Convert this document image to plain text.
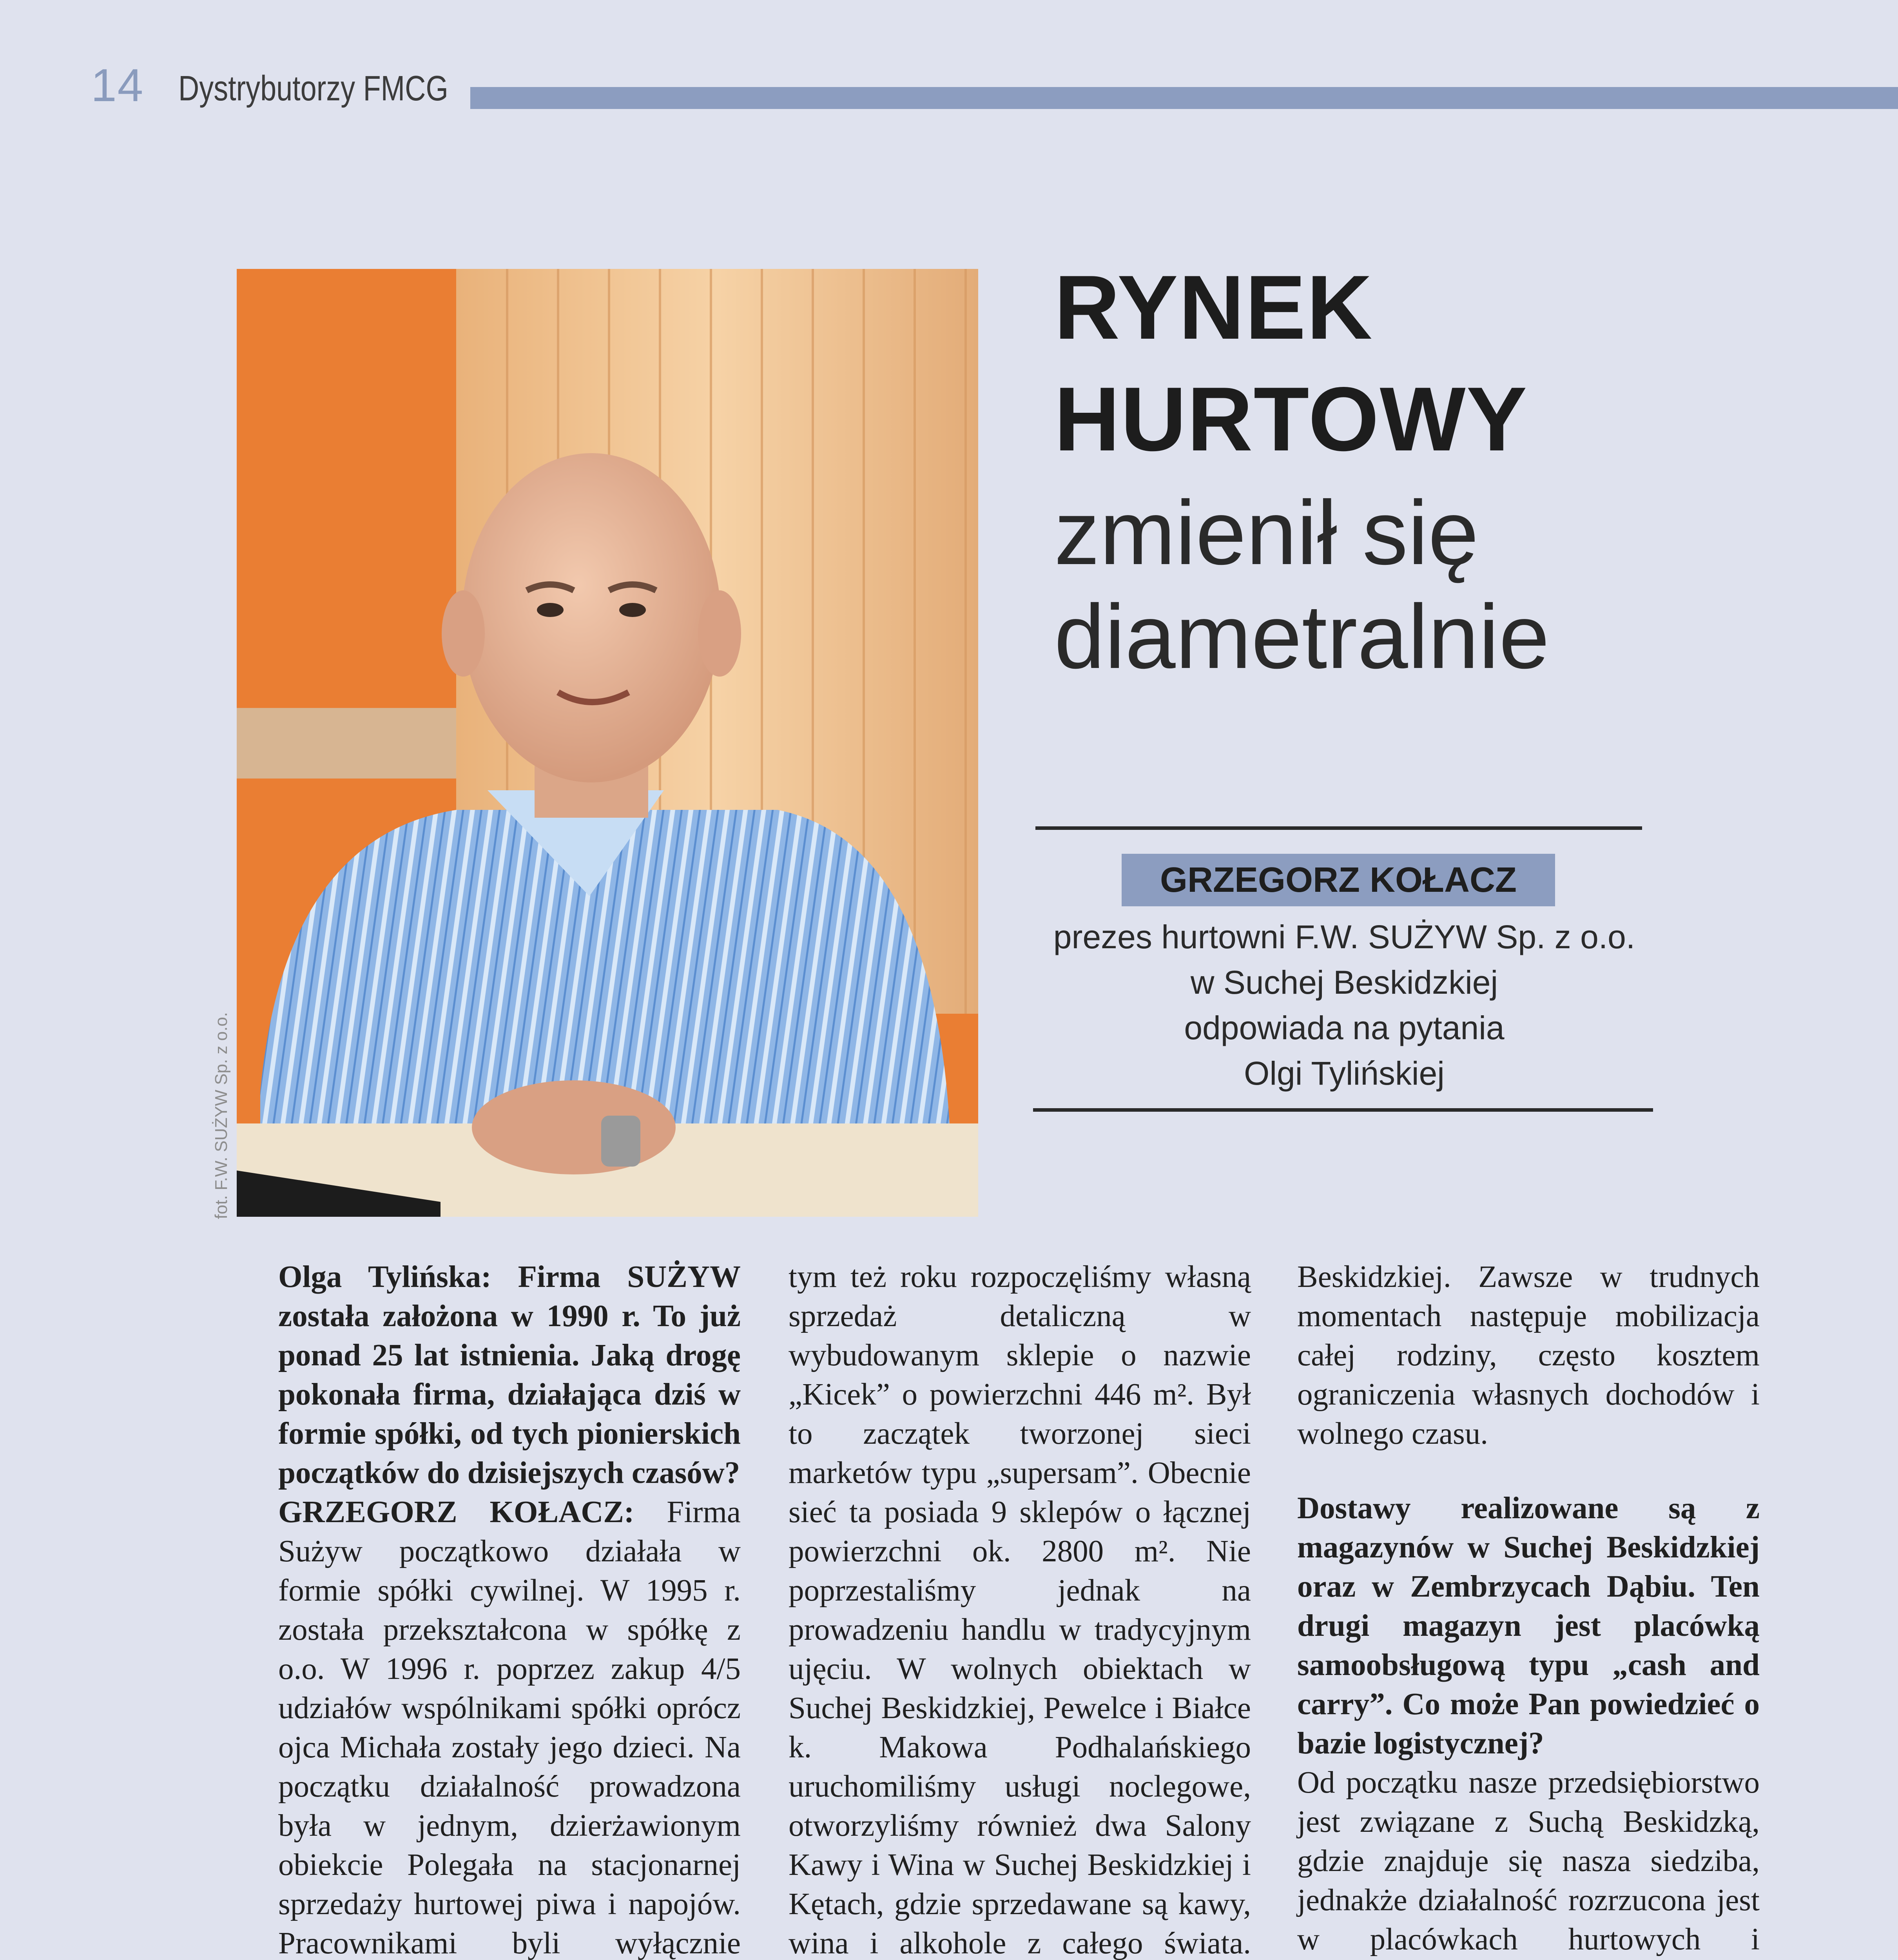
14 Dystrybutorzy FMCG
fot. F.W. SUŻYW Sp. z o.o.
RYNEK
HURTOWY
zmienił się
diametralnie
GRZEGORZ KOŁACZ
prezes hurtowni F.W. SUŻYW Sp. z o.o.
w Suchej Beskidzkiej
odpowiada na pytania
Olgi Tylińskiej

Olga Tylińska: Firma SUŻYW została założona w 1990 r. To już ponad 25 lat istnienia. Jaką drogę pokonała firma, działająca dziś w formie spółki, od tych pionierskich początków do dzisiejszych czasów?

GRZEGORZ KOŁACZ: Firma Sużyw początkowo działała w formie spółki cywilnej. W 1995 r. została przekształcona w spółkę z o.o. W 1996 r. poprzez zakup 4/5 udziałów wspólnikami spółki oprócz ojca Michała zostały jego dzieci. Na początku działalność prowadzona była w jednym, dzierżawionym obiekcie Polegała na stacjonarnej sprzedaży hurtowej piwa i napojów. Pracownikami byli wyłącznie

tym też roku rozpoczęliśmy własną sprzedaż detaliczną w wybudowanym sklepie o nazwie „Kicek” o powierzchni 446 m². Był to zaczątek tworzonej sieci marketów typu „supersam”. Obecnie sieć ta posiada 9 sklepów o łącznej powierzchni ok. 2800 m². Nie poprzestaliśmy jednak na prowadzeniu handlu w tradycyjnym ujęciu. W wolnych obiektach w Suchej Beskidzkiej, Pewelce i Białce k. Makowa Podhalańskiego uruchomiliśmy usługi noclegowe, otworzyliśmy również dwa Salony Kawy i Wina w Suchej Beskidzkiej i Kętach, gdzie sprzedawane są kawy, wina i alkohole z całego świata.

Beskidzkiej. Zawsze w trudnych momentach następuje mobilizacja całej rodziny, często kosztem ograniczenia własnych dochodów i wolnego czasu.

Dostawy realizowane są z magazynów w Suchej Beskidzkiej oraz w Zembrzycach Dąbiu. Ten drugi magazyn jest placówką samoobsługową typu „cash and carry”. Co może Pan powiedzieć o bazie logistycznej?

Od początku nasze przedsiębiorstwo jest związane z Suchą Beskidzką, gdzie znajduje się nasza siedziba, jednakże działalność rozrzucona jest w placówkach hurtowych i
